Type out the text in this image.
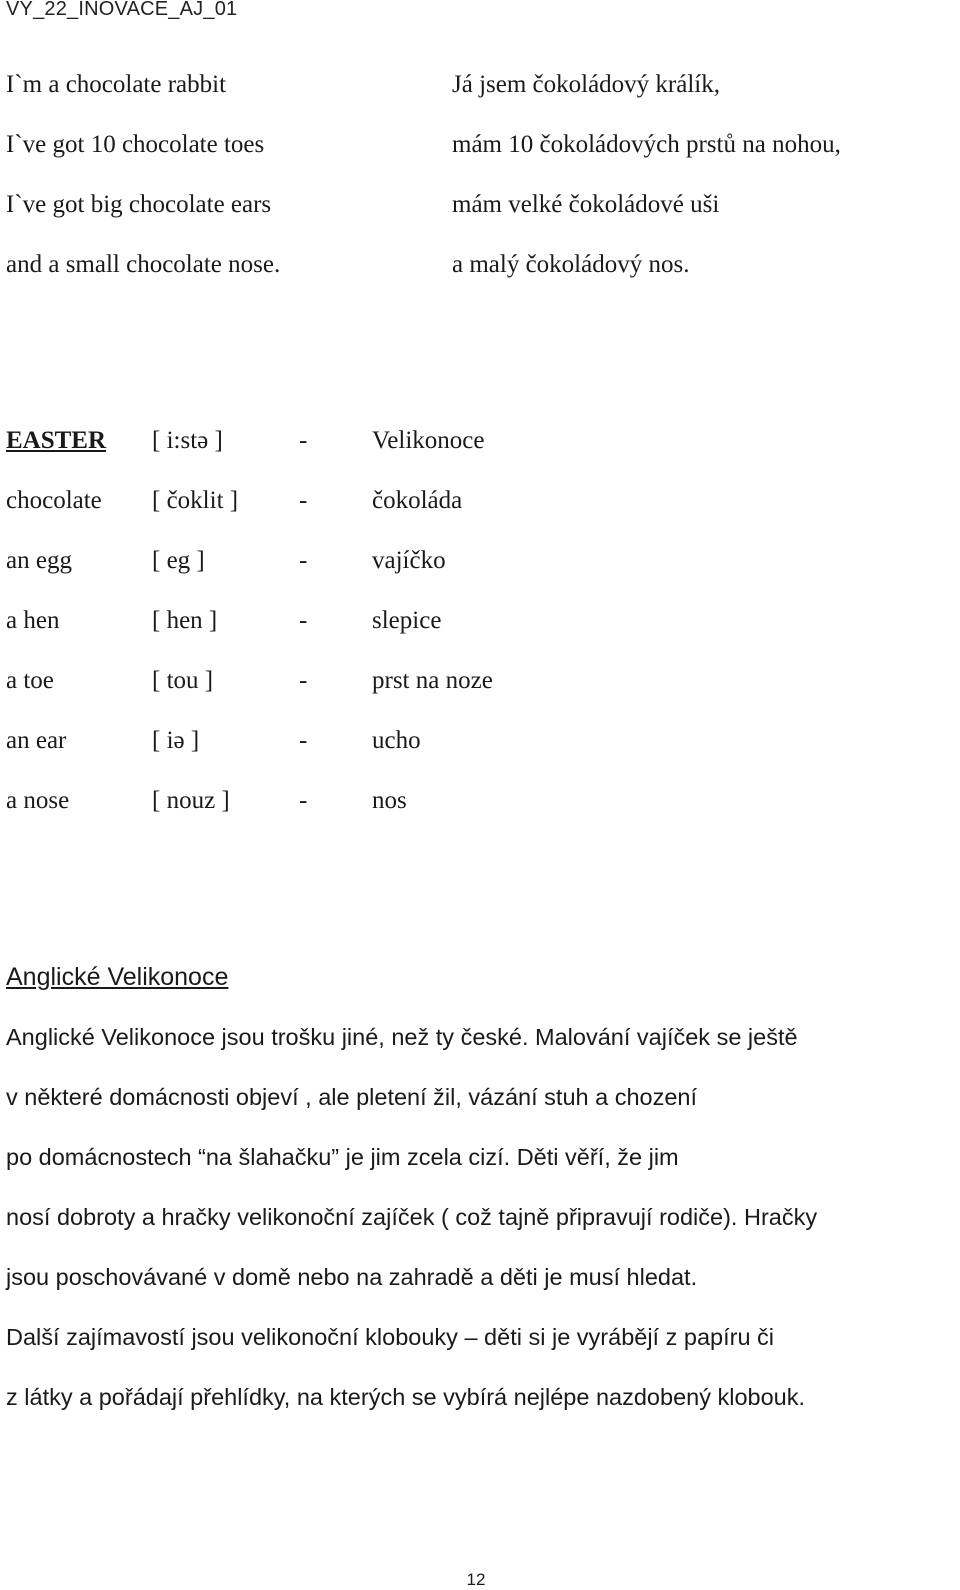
VY_22_INOVACE_AJ_01
I`m a chocolate rabbit	Já jsem čokoládový králík,
I`ve got 10 chocolate toes	mám 10 čokoládových prstů na nohou,
I`ve got big chocolate ears	mám velké čokoládové uši
and a small chocolate nose.	a malý čokoládový nos.
EASTER [ i:stə ]	-	Velikonoce
chocolate [ čoklit ] -	čokoláda
an egg	[ eg ]	-	vajíčko
a hen	[ hen ]	-	slepice
a toe	[ tou ]	-	prst na noze
an ear	[ iə ]	-	ucho
a nose	[ nouz ]	-	nos
Anglické Velikonoce
Anglické Velikonoce jsou trošku jiné, než ty české. Malování vajíček se ještě
v některé domácnosti objeví , ale pletení žil, vázání stuh a chození
po domácnostech “na šlahačku” je jim zcela cizí. Děti věří, že jim
nosí dobroty a hračky velikonoční zajíček ( což tajně připravují rodiče). Hračky
jsou poschovávané v domě nebo na zahradě a děti je musí hledat.
Další zajímavostí jsou velikonoční klobouky – děti si je vyrábějí z papíru či
z látky a pořádají přehlídky, na kterých se vybírá nejlépe nazdobený klobouk.
12
